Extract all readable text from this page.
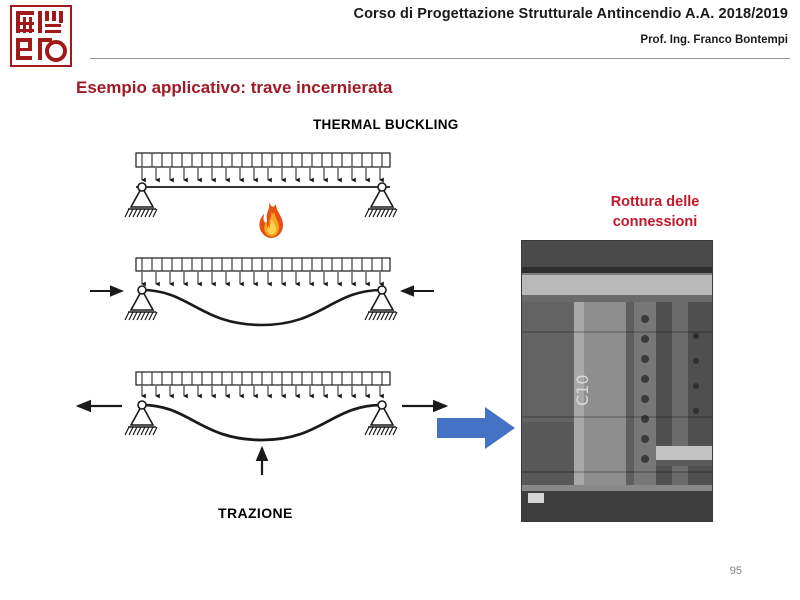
Corso di Progettazione Strutturale Antincendio A.A. 2018/2019
Prof. Ing. Franco Bontempi
Esempio applicativo: trave incernierata
THERMAL BUCKLING
TRAZIONE
Rottura delle
connessioni
C10
95
